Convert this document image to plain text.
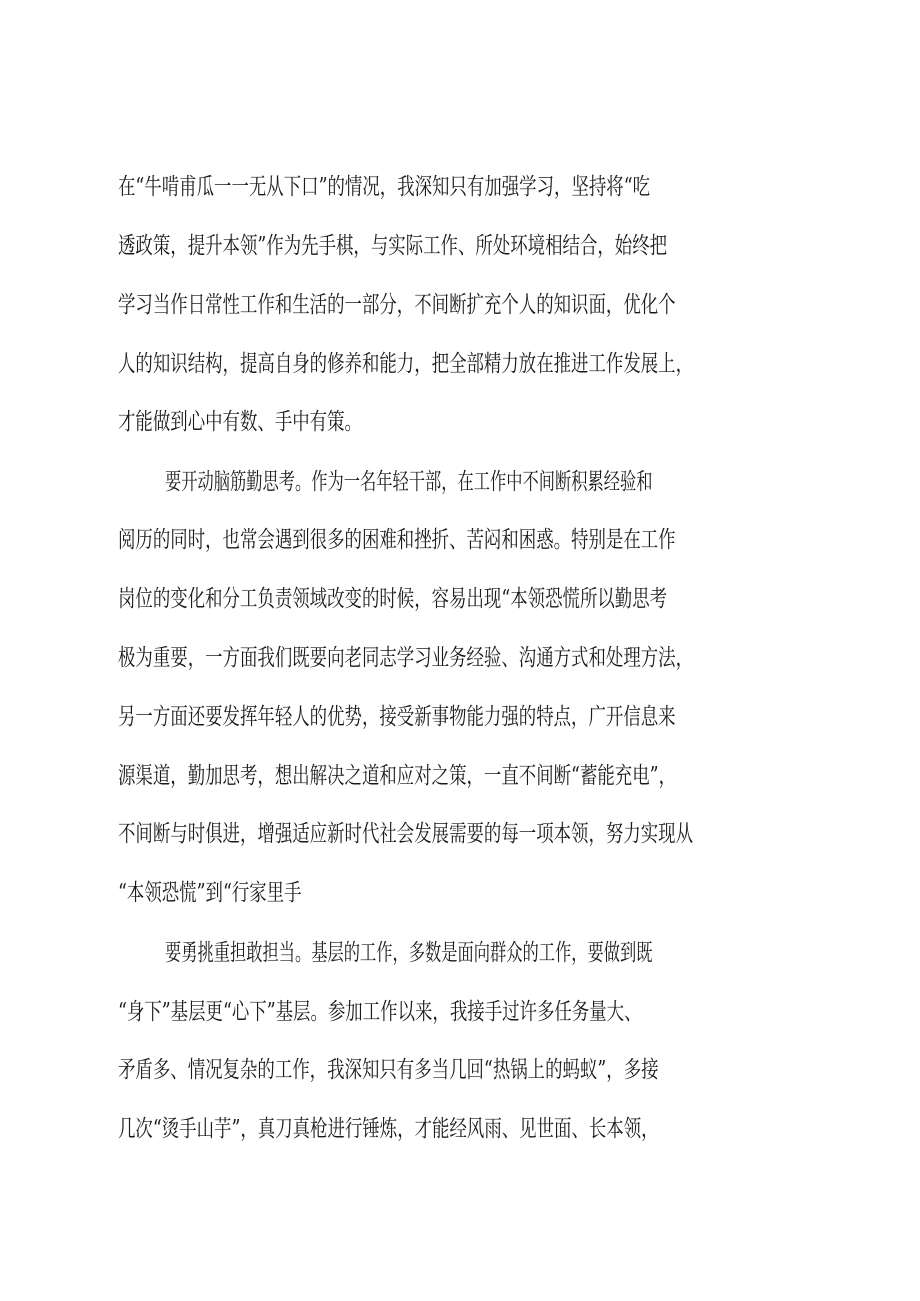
在“牛啃甫瓜一一无从下口”的情况，我深知只有加强学习，坚持将“吃
透政策，提升本领”作为先手棋，与实际工作、所处环境相结合，始终把
学习当作日常性工作和生活的一部分，不间断扩充个人的知识面，优化个
人的知识结构，提高自身的修养和能力，把全部精力放在推进工作发展上，
才能做到心中有数、手中有策。
要开动脑筋勤思考。作为一名年轻干部，在工作中不间断积累经验和
阅历的同时，也常会遇到很多的困难和挫折、苦闷和困惑。特别是在工作
岗位的变化和分工负责领域改变的时候，容易出现“本领恐慌所以勤思考
极为重要，一方面我们既要向老同志学习业务经验、沟通方式和处理方法，
另一方面还要发挥年轻人的优势，接受新事物能力强的特点，广开信息来
源渠道，勤加思考，想出解决之道和应对之策，一直不间断“蓄能充电”，
不间断与时俱进，增强适应新时代社会发展需要的每一项本领，努力实现从
“本领恐慌”到“行家里手
要勇挑重担敢担当。基层的工作，多数是面向群众的工作，要做到既
“身下”基层更“心下”基层。参加工作以来，我接手过许多任务量大、
矛盾多、情况复杂的工作，我深知只有多当几回“热锅上的蚂蚁”，多接
几次“烫手山芋”，真刀真枪进行锤炼，才能经风雨、见世面、长本领，
